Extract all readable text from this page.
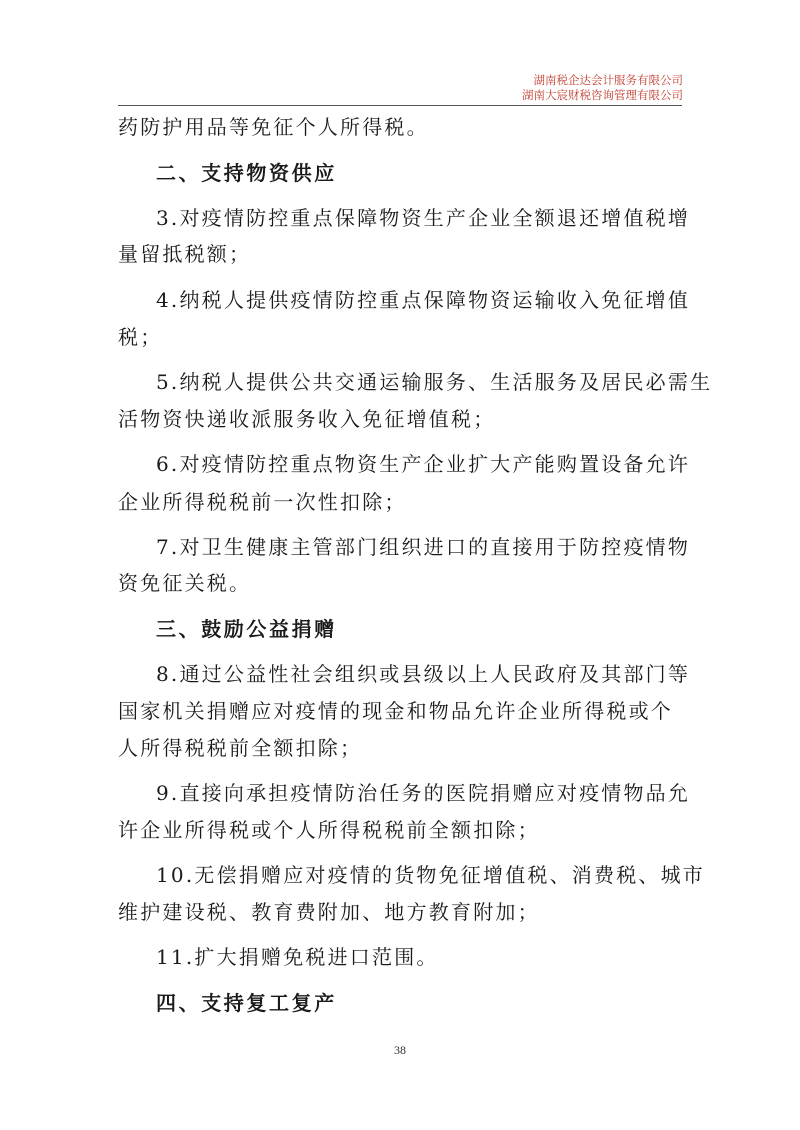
湖南税企达会计服务有限公司
湖南大宸财税咨询管理有限公司
药防护用品等免征个人所得税。
二、支持物资供应
3.对疫情防控重点保障物资生产企业全额退还增值税增
量留抵税额；
4.纳税人提供疫情防控重点保障物资运输收入免征增值
税；
5.纳税人提供公共交通运输服务、生活服务及居民必需生
活物资快递收派服务收入免征增值税；
6.对疫情防控重点物资生产企业扩大产能购置设备允许
企业所得税税前一次性扣除；
7.对卫生健康主管部门组织进口的直接用于防控疫情物
资免征关税。
三、鼓励公益捐赠
8.通过公益性社会组织或县级以上人民政府及其部门等
国家机关捐赠应对疫情的现金和物品允许企业所得税或个
人所得税税前全额扣除；
9.直接向承担疫情防治任务的医院捐赠应对疫情物品允
许企业所得税或个人所得税税前全额扣除；
10.无偿捐赠应对疫情的货物免征增值税、消费税、城市
维护建设税、教育费附加、地方教育附加；
11.扩大捐赠免税进口范围。
四、支持复工复产
38
